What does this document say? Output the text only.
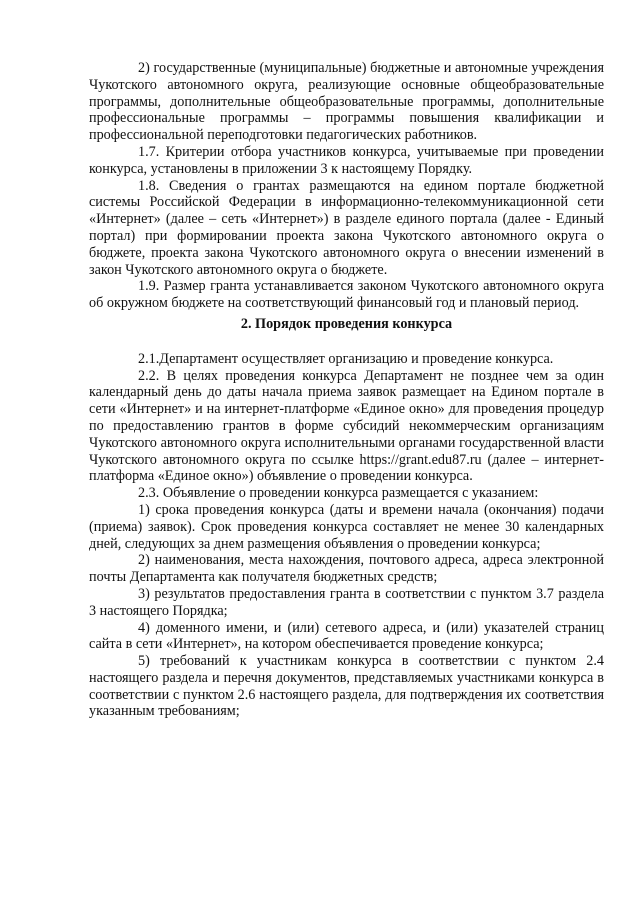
2) государственные (муниципальные) бюджетные и автономные учреждения Чукотского автономного округа, реализующие основные общеобразовательные программы, дополнительные общеобразовательные программы, дополнительные профессиональные программы – программы повышения квалификации и профессиональной переподготовки педагогических работников.

1.7. Критерии отбора участников конкурса, учитываемые при проведении конкурса, установлены в приложении 3 к настоящему Порядку.

1.8. Сведения о грантах размещаются на едином портале бюджетной системы Российской Федерации в информационно-телекоммуникационной сети «Интернет» (далее – сеть «Интернет») в разделе единого портала (далее - Единый портал) при формировании проекта закона Чукотского автономного округа о бюджете, проекта закона Чукотского автономного округа о внесении изменений в закон Чукотского автономного округа о бюджете.

1.9. Размер гранта устанавливается законом Чукотского автономного округа об окружном бюджете на соответствующий финансовый год и плановый период.

2. Порядок проведения конкурса

2.1.Департамент осуществляет организацию и проведение конкурса.

2.2. В целях проведения конкурса Департамент не позднее чем за один календарный день до даты начала приема заявок размещает на Едином портале в сети «Интернет» и на интернет-платформе «Единое окно» для проведения процедур по предоставлению грантов в форме субсидий некоммерческим организациям Чукотского автономного округа исполнительными органами государственной власти Чукотского автономного округа по ссылке https://grant.edu87.ru (далее – интернет-платформа «Единое окно») объявление о проведении конкурса.

2.3. Объявление о проведении конкурса размещается с указанием:

1) срока проведения конкурса (даты и времени начала (окончания) подачи (приема) заявок). Срок проведения конкурса составляет не менее 30 календарных дней, следующих за днем размещения объявления о проведении конкурса;

2) наименования, места нахождения, почтового адреса, адреса электронной почты Департамента как получателя бюджетных средств;

3) результатов предоставления гранта в соответствии с пунктом 3.7 раздела 3 настоящего Порядка;

4) доменного имени, и (или) сетевого адреса, и (или) указателей страниц сайта в сети «Интернет», на котором обеспечивается проведение конкурса;

5) требований к участникам конкурса в соответствии с пунктом 2.4 настоящего раздела и перечня документов, представляемых участниками конкурса в соответствии с пунктом 2.6 настоящего раздела, для подтверждения их соответствия указанным требованиям;
